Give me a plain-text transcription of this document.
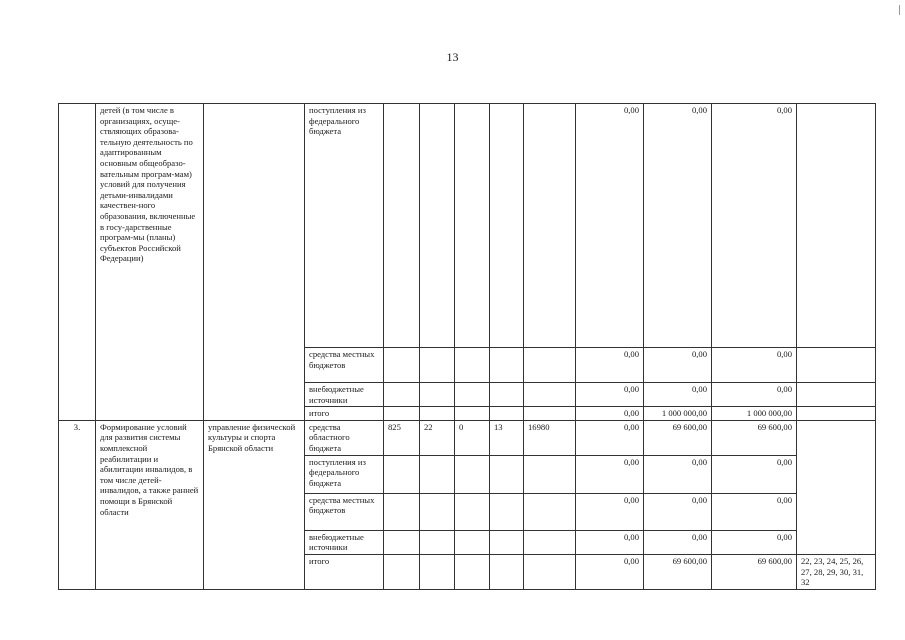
13
	детей (в том числе в организациях, осуще-ствляющих образова-тельную деятельность по адаптированным основным общеобразо-вательным програм-мам) условий для получения детьми-инвалидами качествен-ного образования, включенные в госу-дарственные програм-мы (планы) субъектов Российской Федерации)		поступления из федерального бюджета						0,00	0,00	0,00	
			средства местных бюджетов						0,00	0,00	0,00	
			внебюджетные источники						0,00	0,00	0,00	
			итого						0,00	1 000 000,00	1 000 000,00	
3.	Формирование условий для развития системы комплексной реабилитации и абилитации инвалидов, в том числе детей-инвалидов, а также ранней помощи в Брянской области	управление физической культуры и спорта Брянской области	средства областного бюджета	825	22	0	13	16980	0,00	69 600,00	69 600,00	
			поступления из федерального бюджета						0,00	0,00	0,00	
			средства местных бюджетов						0,00	0,00	0,00	
			внебюджетные источники						0,00	0,00	0,00	
			итого						0,00	69 600,00	69 600,00	22, 23, 24, 25, 26, 27, 28, 29, 30, 31, 32
